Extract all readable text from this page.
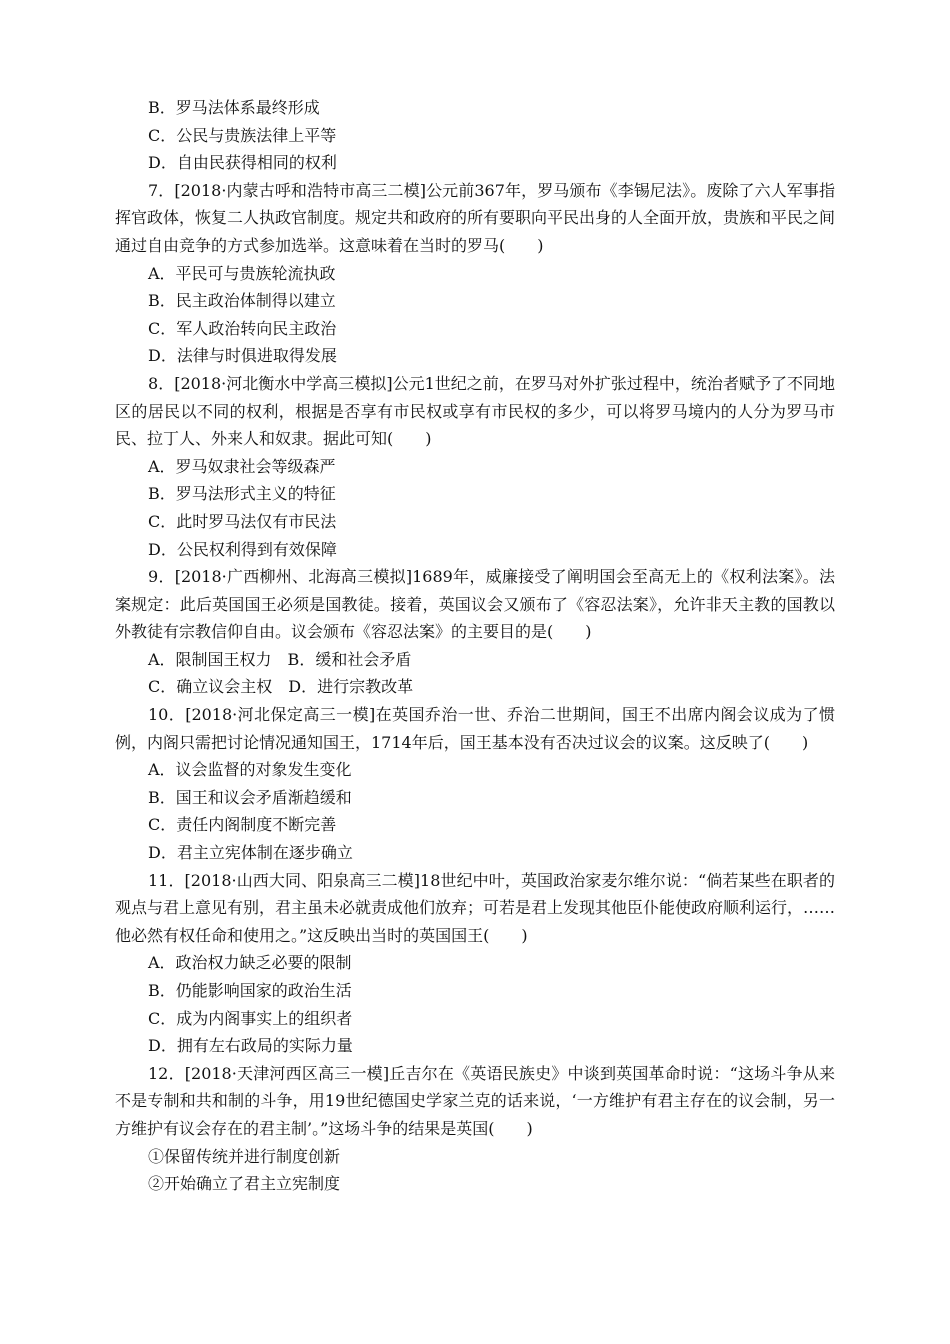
B．罗马法体系最终形成
C．公民与贵族法律上平等
D．自由民获得相同的权利

7．[2018·内蒙古呼和浩特市高三二模]公元前367年，罗马颁布《李锡尼法》。废除了六人军事指挥官政体，恢复二人执政官制度。规定共和政府的所有要职向平民出身的人全面开放，贵族和平民之间通过自由竞争的方式参加选举。这意味着在当时的罗马(　　)

A．平民可与贵族轮流执政
B．民主政治体制得以建立
C．军人政治转向民主政治
D．法律与时俱进取得发展

8．[2018·河北衡水中学高三模拟]公元1世纪之前，在罗马对外扩张过程中，统治者赋予了不同地区的居民以不同的权利，根据是否享有市民权或享有市民权的多少，可以将罗马境内的人分为罗马市民、拉丁人、外来人和奴隶。据此可知(　　)

A．罗马奴隶社会等级森严
B．罗马法形式主义的特征
C．此时罗马法仅有市民法
D．公民权利得到有效保障

9．[2018·广西柳州、北海高三模拟]1689年，威廉接受了阐明国会至高无上的《权利法案》。法案规定：此后英国国王必须是国教徒。接着，英国议会又颁布了《容忍法案》，允许非天主教的国教以外教徒有宗教信仰自由。议会颁布《容忍法案》的主要目的是(　　)

A．限制国王权力　B．缓和社会矛盾
C．确立议会主权　D．进行宗教改革

10．[2018·河北保定高三一模]在英国乔治一世、乔治二世期间，国王不出席内阁会议成为了惯例，内阁只需把讨论情况通知国王，1714年后，国王基本没有否决过议会的议案。这反映了(　　)

A．议会监督的对象发生变化
B．国王和议会矛盾渐趋缓和
C．责任内阁制度不断完善
D．君主立宪体制在逐步确立

11．[2018·山西大同、阳泉高三二模]18世纪中叶，英国政治家麦尔维尔说：“倘若某些在职者的观点与君上意见有别，君主虽未必就责成他们放弃；可若是君上发现其他臣仆能使政府顺利运行，……他必然有权任命和使用之。”这反映出当时的英国国王(　　)

A．政治权力缺乏必要的限制
B．仍能影响国家的政治生活
C．成为内阁事实上的组织者
D．拥有左右政局的实际力量

12．[2018·天津河西区高三一模]丘吉尔在《英语民族史》中谈到英国革命时说：“这场斗争从来不是专制和共和制的斗争，用19世纪德国史学家兰克的话来说，‘一方维护有君主存在的议会制，另一方维护有议会存在的君主制’。”这场斗争的结果是英国(　　)

①保留传统并进行制度创新
②开始确立了君主立宪制度
